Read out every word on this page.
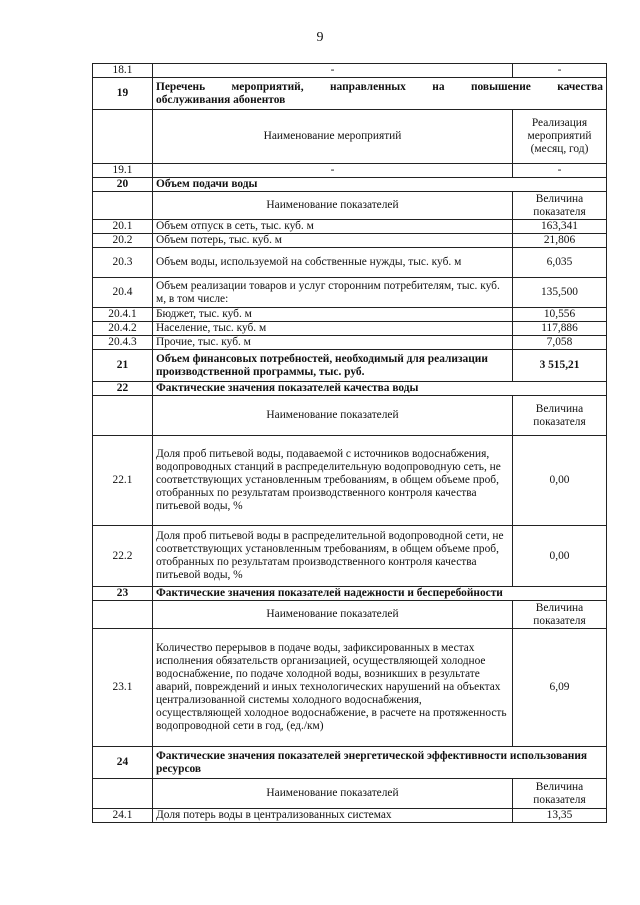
9
18.1	-	-
19	Перечень мероприятий, направленных на повышение качества
обслуживания абонентов	

	Наименование мероприятий	Реализация мероприятий (месяц, год)
19.1	-	-
20	Объем подачи воды	
	Наименование показателей	Величина показателя
20.1	Объем отпуск в сеть, тыс. куб. м	163,341
20.2	Объем потерь, тыс. куб. м	21,806
20.3	Объем воды, используемой на собственные нужды, тыс. куб. м	6,035
20.4	Объем реализации товаров и услуг сторонним потребителям, тыс. куб. м, в том числе:	135,500
20.4.1	Бюджет, тыс. куб. м	10,556
20.4.2	Население, тыс. куб. м	117,886
20.4.3	Прочие, тыс. куб. м	7,058
21	Объем финансовых потребностей, необходимый для реализации производственной программы, тыс. руб.	3 515,21
22	Фактические значения показателей качества воды	
	Наименование показателей	Величина показателя
22.1	Доля проб питьевой воды, подаваемой с источников водоснабжения, водопроводных станций в распределительную водопроводную сеть, не соответствующих установленным требованиям, в общем объеме проб, отобранных по результатам производственного контроля качества питьевой воды, %	0,00
22.2	Доля проб питьевой воды в распределительной водопроводной сети, не соответствующих установленным требованиям, в общем объеме проб, отобранных по результатам производственного контроля качества питьевой воды, %	0,00
23	Фактические значения показателей надежности и бесперебойности	
	Наименование показателей	Величина показателя
23.1	Количество перерывов в подаче воды, зафиксированных в местах исполнения обязательств организацией, осуществляющей холодное водоснабжение, по подаче холодной воды, возникших в результате аварий, повреждений и иных технологических нарушений на объектах централизованной системы холодного водоснабжения, осуществляющей холодное водоснабжение, в расчете на протяженность водопроводной сети в год, (ед./км)	6,09
24	Фактические значения показателей энергетической эффективности использования ресурсов	
	Наименование показателей	Величина показателя
24.1	Доля потерь воды в централизованных системах	13,35
